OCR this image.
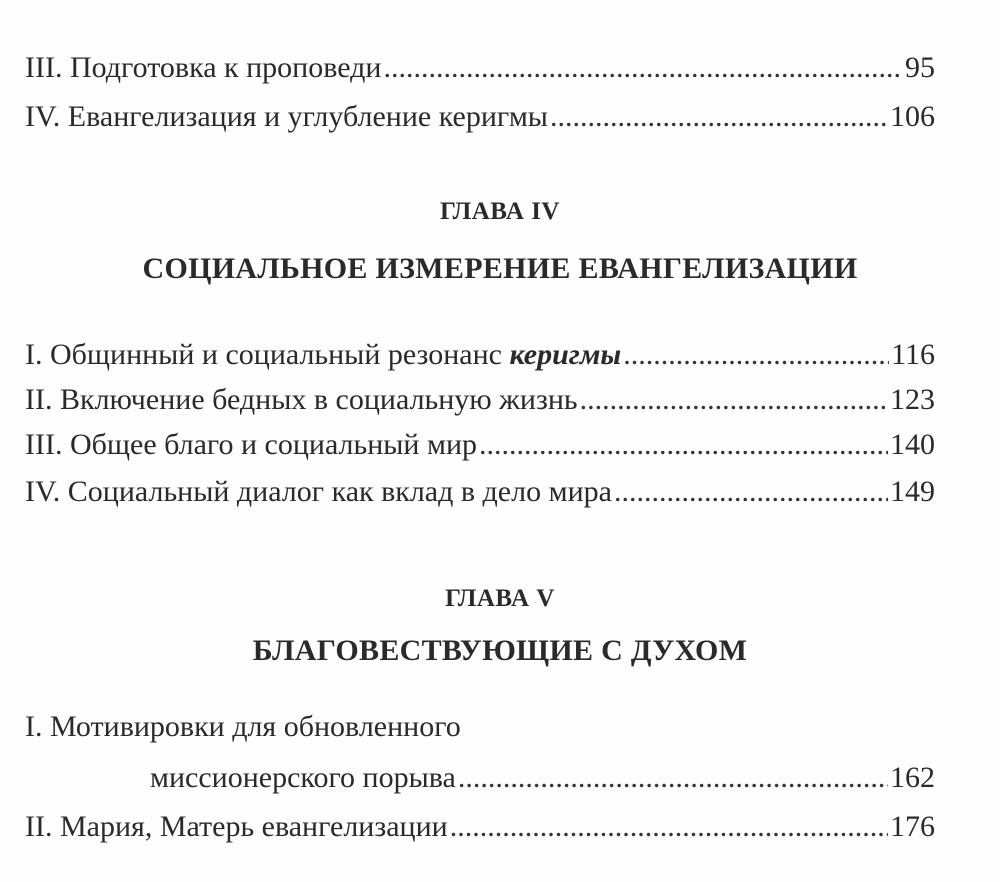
III. Подготовка к проповеди .....	95
IV. Евангелизация и углубление керигмы .....	106
ГЛАВА IV
СОЦИАЛЬНОЕ ИЗМЕРЕНИЕ ЕВАНГЕЛИЗАЦИИ
I. Общинный и социальный резонанс керигмы .....	116
II. Включение бедных в социальную жизнь .....	123
III. Общее благо и социальный мир .....	140
IV. Социальный диалог как вклад в дело мира .....	149
ГЛАВА V
БЛАГОВЕСТВУЮЩИЕ С ДУХОМ
I. Мотивировки для обновленного
миссионерского порыва .....	162
II. Мария, Матерь евангелизации .....	176
